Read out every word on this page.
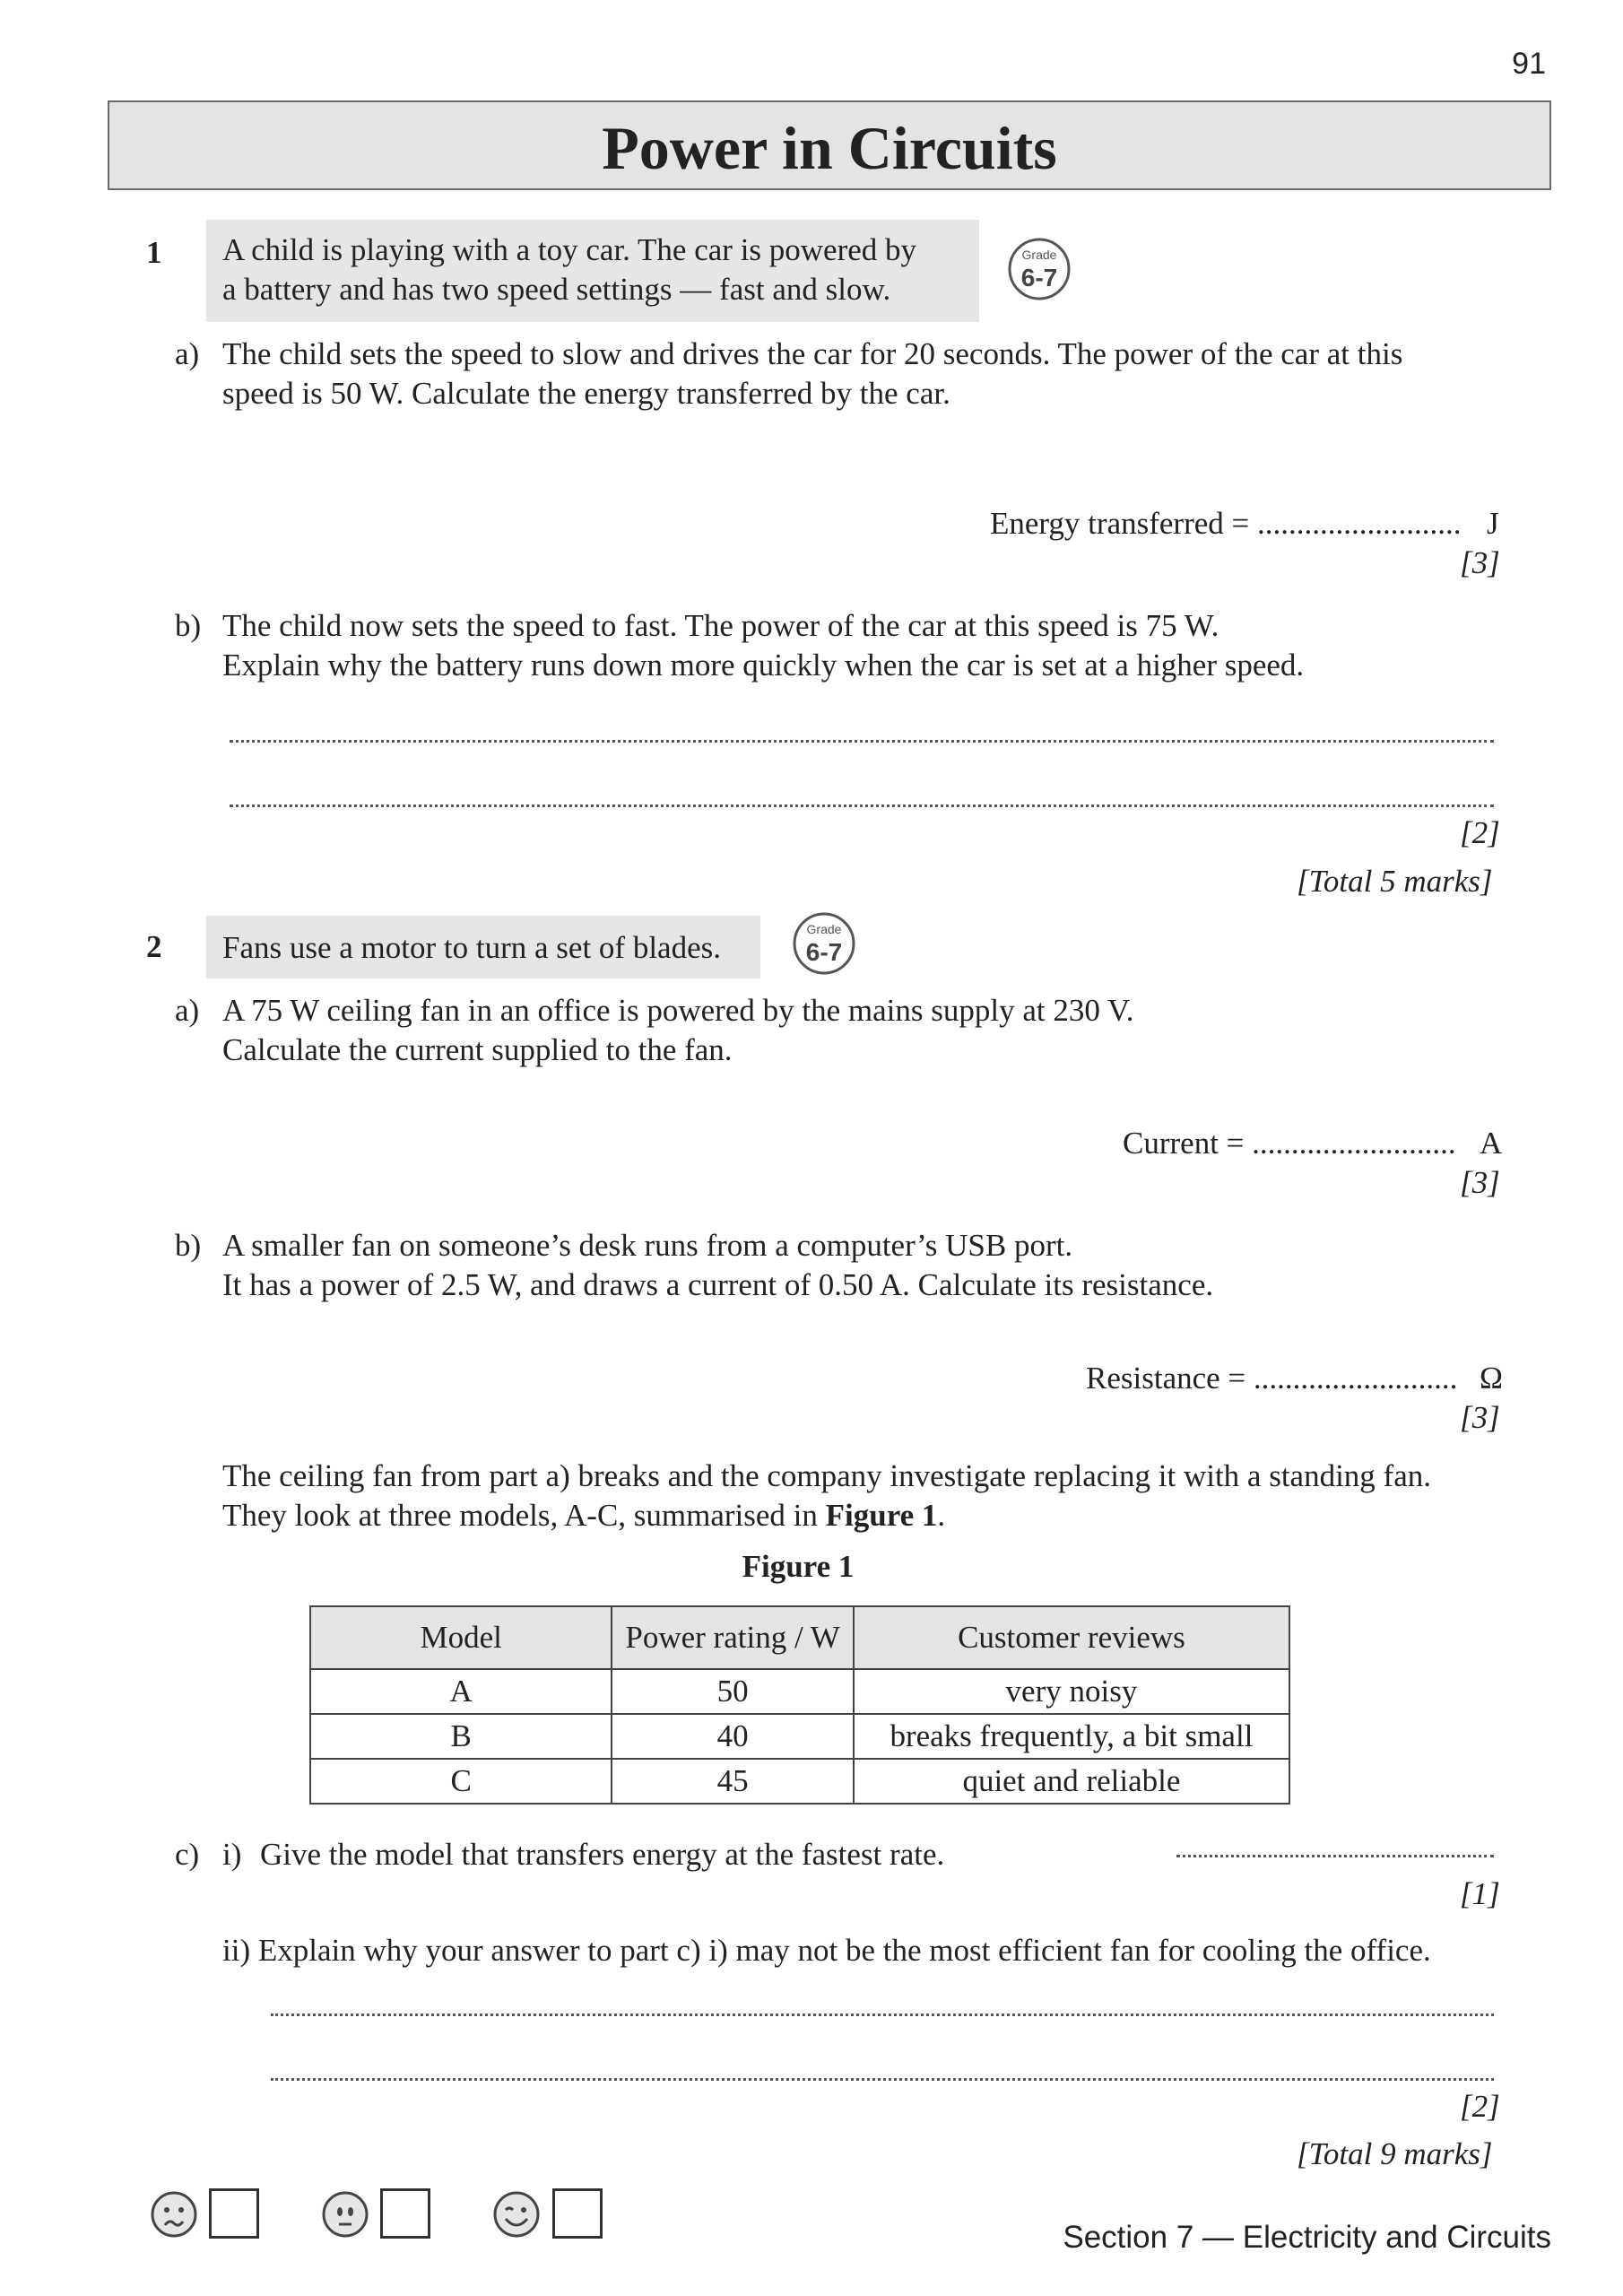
91
Power in Circuits
1 A child is playing with a toy car. The car is powered by
a battery and has two speed settings — fast and slow.
Grade
6-7
a) The child sets the speed to slow and drives the car for 20 seconds. The power of the car at this
speed is 50 W. Calculate the energy transferred by the car.
Energy transferred = .......................... J
[3]
b) The child now sets the speed to fast. The power of the car at this speed is 75 W.
Explain why the battery runs down more quickly when the car is set at a higher speed.
[2]
[Total 5 marks]
2 Fans use a motor to turn a set of blades.
Grade
6-7
a) A 75 W ceiling fan in an office is powered by the mains supply at 230 V.
Calculate the current supplied to the fan.
Current = .......................... A
[3]
b) A smaller fan on someone’s desk runs from a computer’s USB port.
It has a power of 2.5 W, and draws a current of 0.50 A. Calculate its resistance.
Resistance = .......................... Ω
[3]
The ceiling fan from part a) breaks and the company investigate replacing it with a standing fan.
They look at three models, A-C, summarised in Figure 1.
Figure 1
Model	Power rating / W	Customer reviews
A	50	very noisy
B	40	breaks frequently, a bit small
C	45	quiet and reliable
c) i) Give the model that transfers energy at the fastest rate.
[1]
ii) Explain why your answer to part c) i) may not be the most efficient fan for cooling the office.
[2]
[Total 9 marks]
Section 7 — Electricity and Circuits
